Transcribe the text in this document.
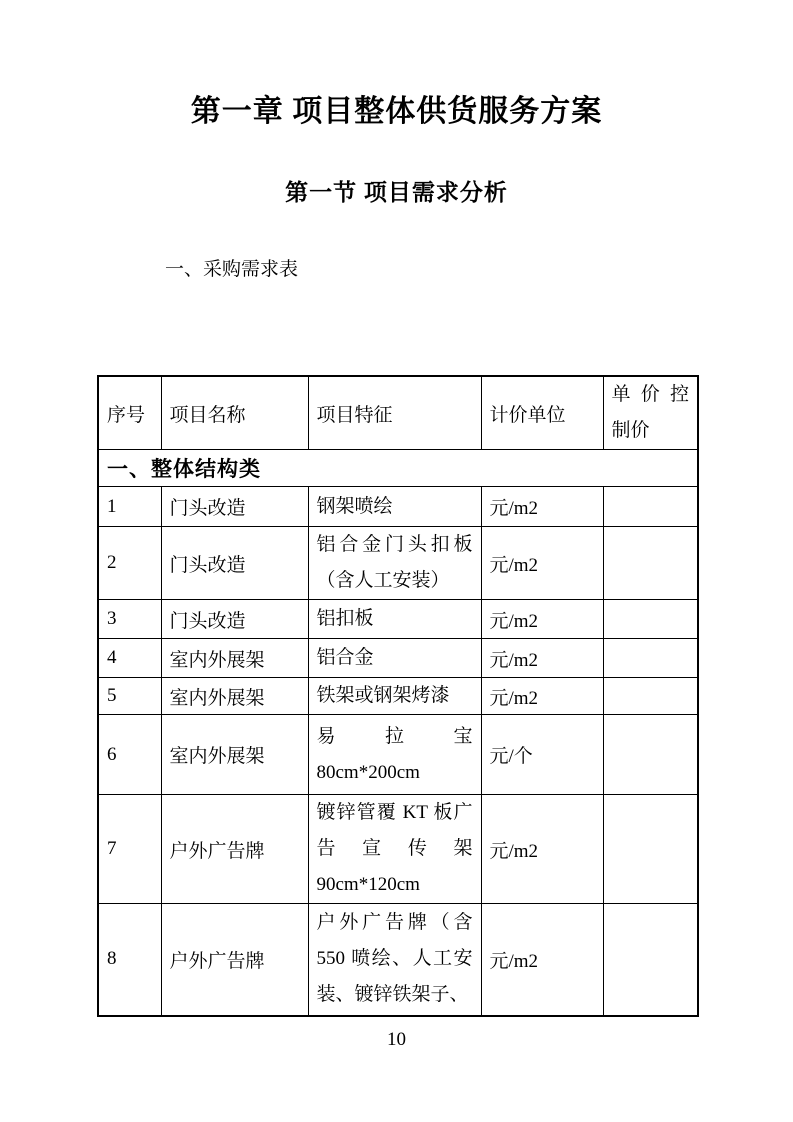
第一章 项目整体供货服务方案
第一节 项目需求分析

一、采购需求表

序号	项目名称	项目特征	计价单位	单价控
制价

一、整体结构类				
1	门头改造	钢架喷绘	元/m2	
2	门头改造	铝合金门头扣板
（含人工安装）	元/m2	
3	门头改造	铝扣板	元/m2	
4	室内外展架	铝合金	元/m2	
5	室内外展架	铁架或钢架烤漆	元/m2	
6	室内外展架	易拉宝
80cm*200cm	元/个	
7	户外广告牌	镀锌管覆 KT 板广
告宣传架
90cm*120cm	元/m2	
8	户外广告牌	户外广告牌（含
550 喷绘、人工安
装、镀锌铁架子、	元/m2	
10
